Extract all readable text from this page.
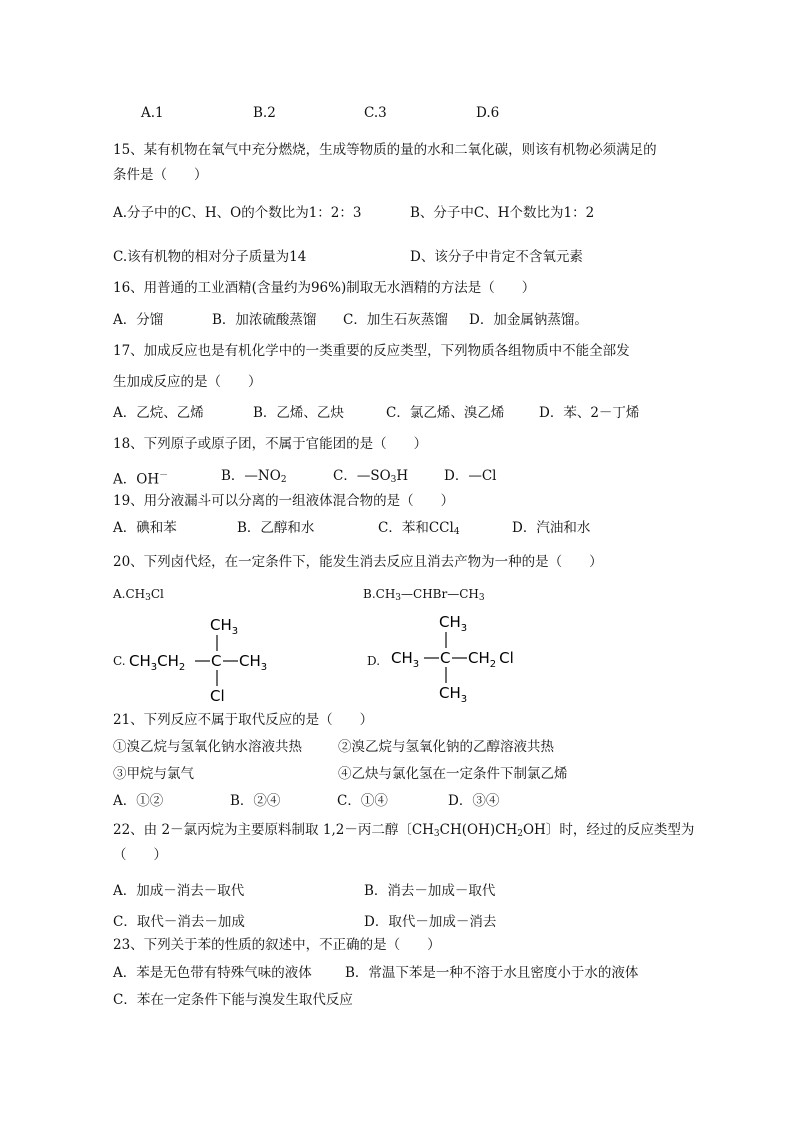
A.1	B.2	C.3	D.6
15、某有机物在氧气中充分燃烧，生成等物质的量的水和二氧化碳，则该有机物必须满足的
条件是（　　）
A.分子中的C、H、O的个数比为1：2：3	B、分子中C、H个数比为1：2
C.该有机物的相对分子质量为14	D、该分子中肯定不含氧元素
16、用普通的工业酒精(含量约为96%)制取无水酒精的方法是（　　）
A．分馏	B．加浓硫酸蒸馏 C．加生石灰蒸馏 D．加金属钠蒸馏。
17、加成反应也是有机化学中的一类重要的反应类型，下列物质各组物质中不能全部发
生加成反应的是（　　）
A．乙烷、乙烯	B．乙烯、乙炔	C．氯乙烯、溴乙烯	D．苯、2－丁烯
18、下列原子或原子团，不属于官能团的是（　　）
A．OH－	B．$—NO_2$	C．$—SO_3H$	D．—Cl
19、用分液漏斗可以分离的一组液体混合物的是（　　）
A．碘和苯	B．乙醇和水	C．苯和CCl$_4$	D．汽油和水
20、下列卤代烃，在一定条件下，能发生消去反应且消去产物为一种的是（　　）
$A.CH_3Cl$	$B.CH_3—CHBr—CH_3$
C.
$CH_3$
$CH_3CH_2$ C $CH_3$
Cl
D.
$CH_3$
$CH_3$ C $CH_2$ Cl
$CH_3$
21、下列反应不属于取代反应的是（　　）
①溴乙烷与氢氧化钠水溶液共热	②溴乙烷与氢氧化钠的乙醇溶液共热
③甲烷与氯气	④乙炔与氯化氢在一定条件下制氯乙烯
A．①②	B．②④	C．①④	D．③④
22、由 2－氯丙烷为主要原料制取 1,2－丙二醇〔$CH_3CH(OH)CH_2OH$〕时，经过的反应类型为
（　　）
A．加成－消去－取代	B．消去－加成－取代
C．取代－消去－加成	D．取代－加成－消去
23、下列关于苯的性质的叙述中，不正确的是（　　）
A．苯是无色带有特殊气味的液体 B．常温下苯是一种不溶于水且密度小于水的液体
C．苯在一定条件下能与溴发生取代反应
